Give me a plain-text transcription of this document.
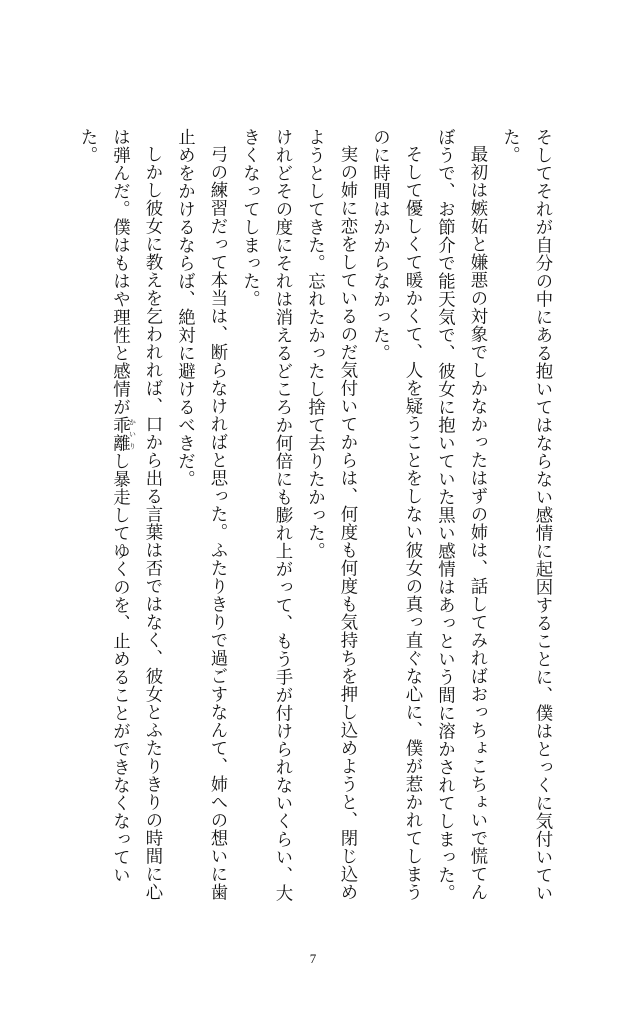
そしてそれが自分の中にある抱いてはならない感情に起因することに、僕はとっくに気付いていた。

最初は嫉妬と嫌悪の対象でしかなかったはずの姉は、話してみればおっちょこちょいで慌てんぼうで、お節介で能天気で、彼女に抱いていた黒い感情はあっという間に溶かされてしまった。

そして優しくて暖かくて、人を疑うことをしない彼女の真っ直ぐな心に、僕が惹かれてしまうのに時間はかからなかった。

実の姉に恋をしているのだ気付いてからは、何度も何度も気持ちを押し込めようと、閉じ込めようとしてきた。忘れたかったし捨て去りたかった。

けれどその度にそれは消えるどころか何倍にも膨れ上がって、もう手が付けられないくらい、大きくなってしまった。

弓の練習だって本当は、断らなければと思った。ふたりきりで過ごすなんて、姉への想いに歯止めをかけるならば、絶対に避けるべきだ。

しかし彼女に教えを乞われれば、口から出る言葉は否ではなく、彼女とふたりきりの時間に心は弾んだ。僕はもはや理性と感情が乖離 かいりし暴走してゆくのを、止めることができなくなっていた。

7
